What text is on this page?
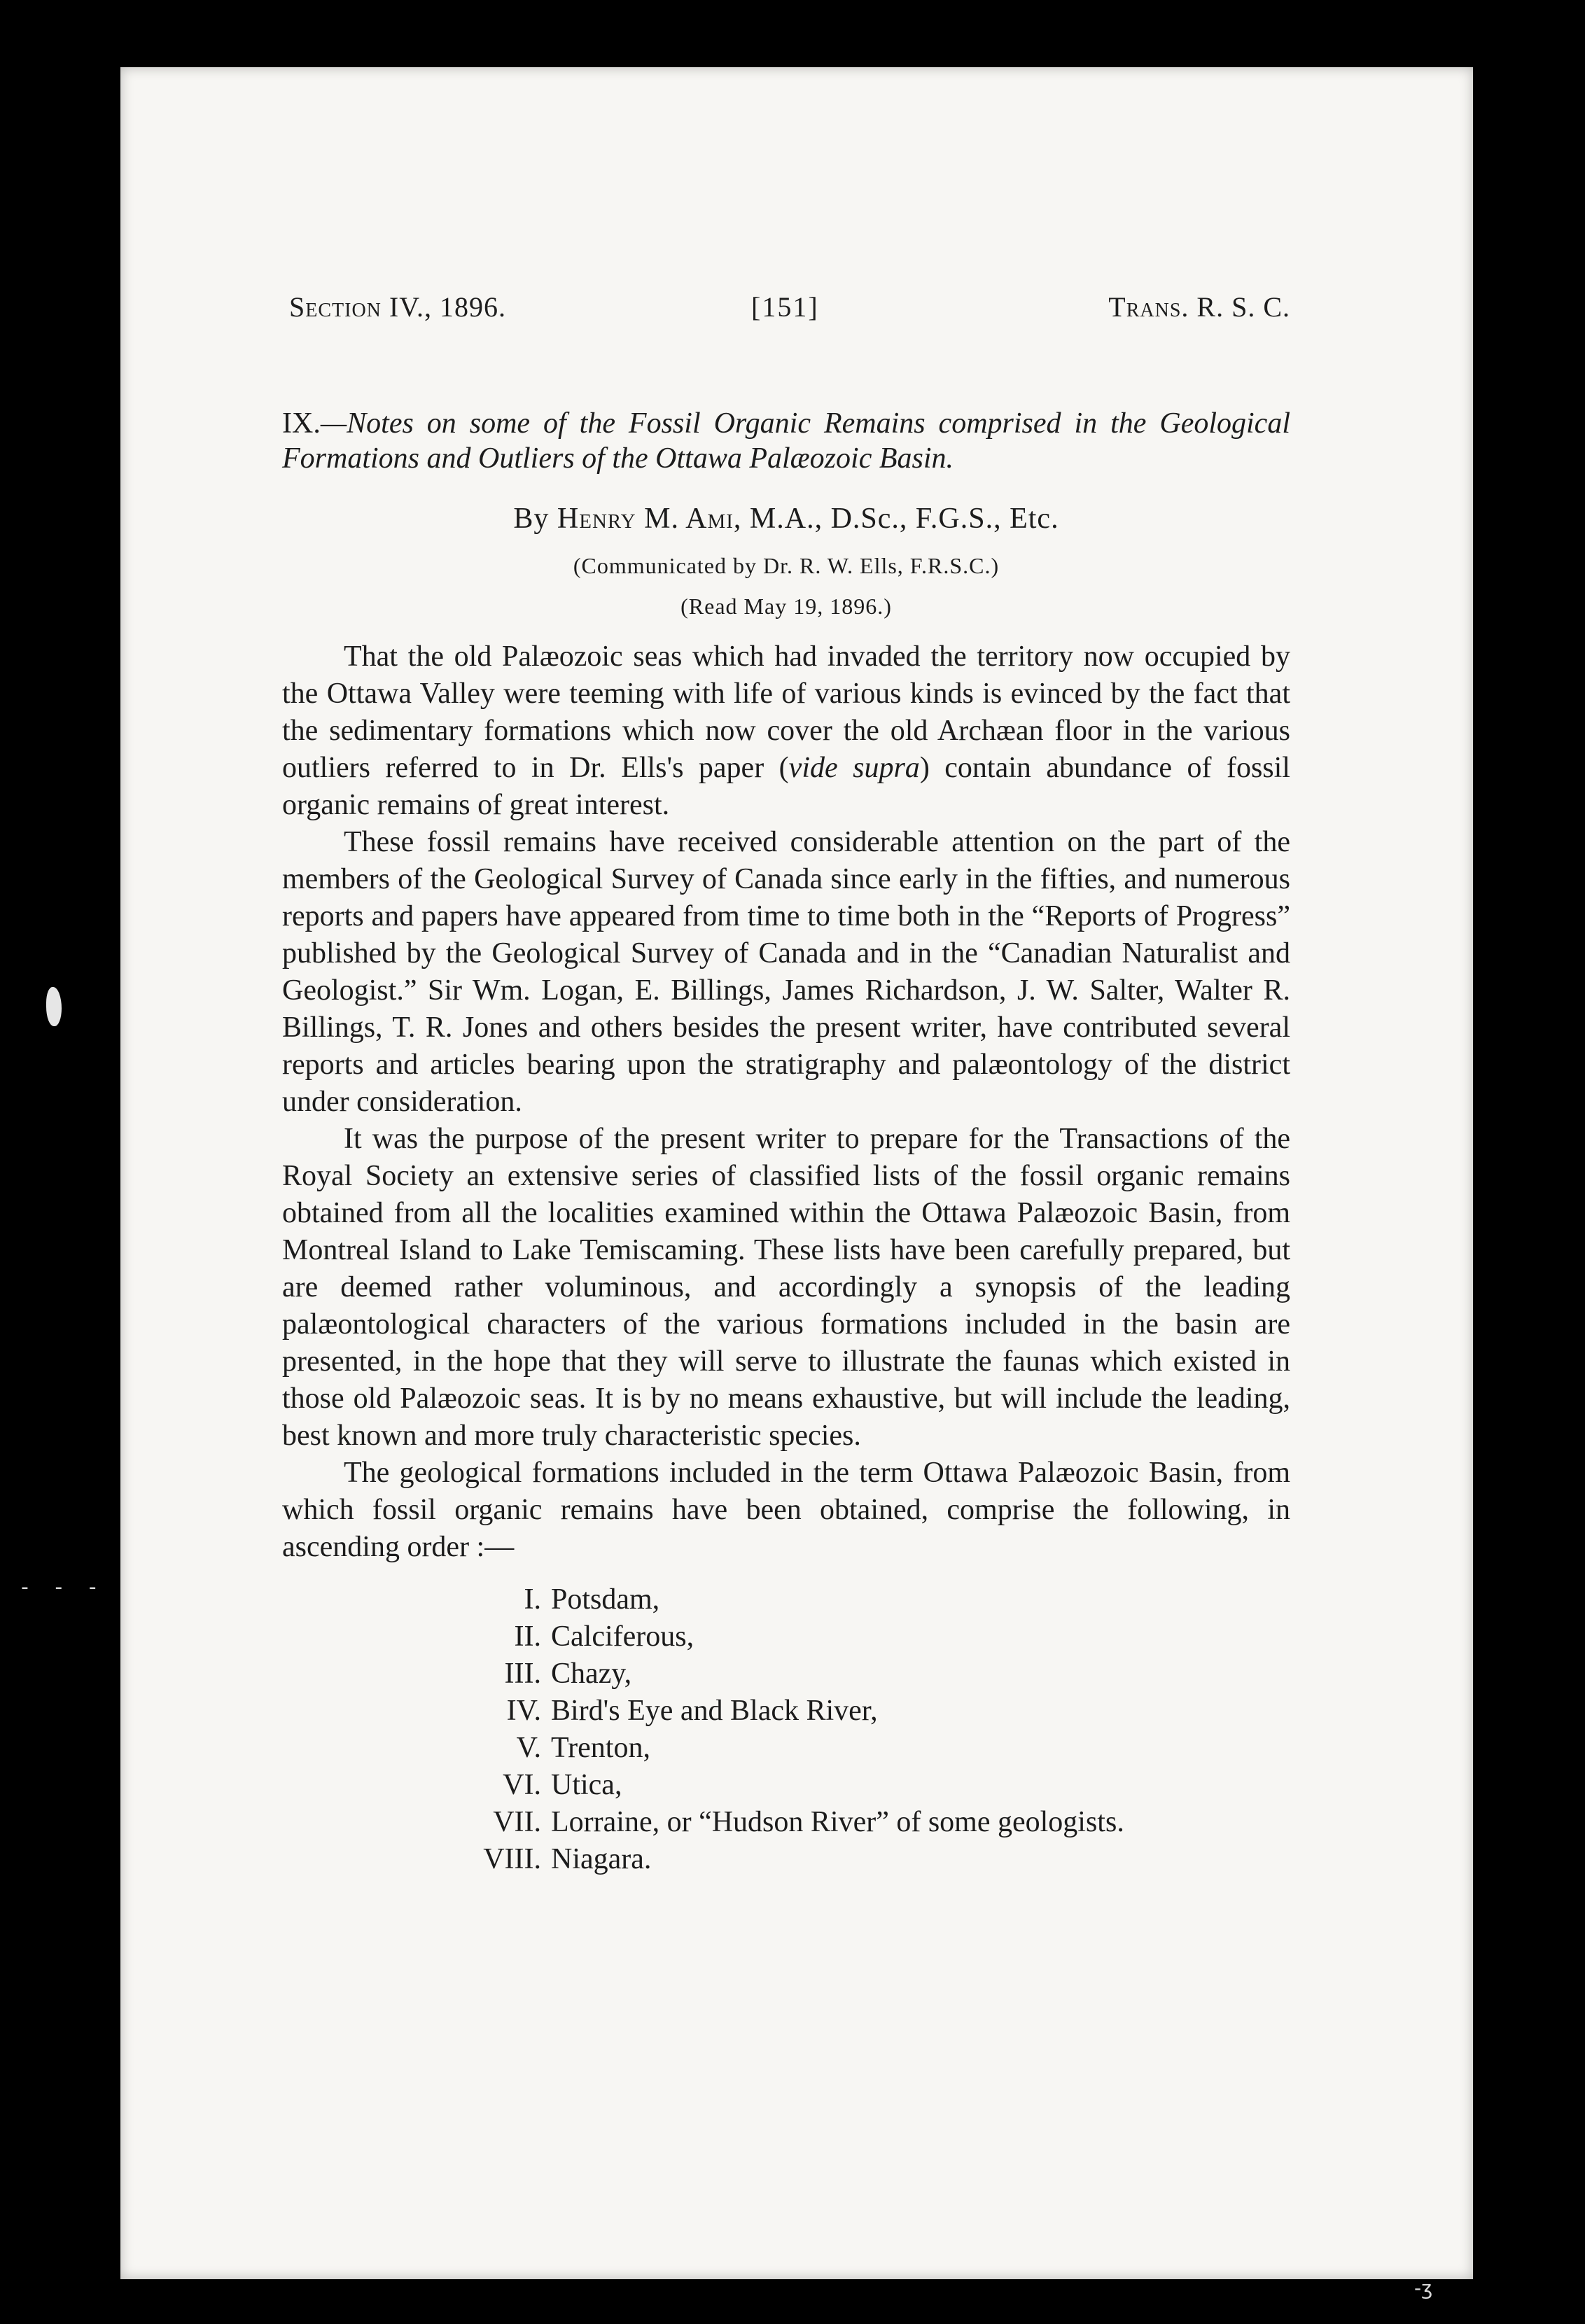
- - -
-ʒ
Section IV., 1896.	[151]	Trans. R. S. C.

IX.—Notes on some of the Fossil Organic Remains comprised in the Geological Formations and Outliers of the Ottawa Palæozoic Basin.

By Henry M. Ami, M.A., D.Sc., F.G.S., Etc.

(Communicated by Dr. R. W. Ells, F.R.S.C.)

(Read May 19, 1896.)

That the old Palæozoic seas which had invaded the territory now occupied by the Ottawa Valley were teeming with life of various kinds is evinced by the fact that the sedimentary formations which now cover the old Archæan floor in the various outliers referred to in Dr. Ells's paper (vide supra) contain abundance of fossil organic remains of great interest.

These fossil remains have received considerable attention on the part of the members of the Geological Survey of Canada since early in the fifties, and numerous reports and papers have appeared from time to time both in the “Reports of Progress” published by the Geological Survey of Canada and in the “Canadian Naturalist and Geologist.” Sir Wm. Logan, E. Billings, James Richardson, J. W. Salter, Walter R. Billings, T. R. Jones and others besides the present writer, have contributed several reports and articles bearing upon the stratigraphy and palæontology of the district under consideration.

It was the purpose of the present writer to prepare for the Transactions of the Royal Society an extensive series of classified lists of the fossil organic remains obtained from all the localities examined within the Ottawa Palæozoic Basin, from Montreal Island to Lake Temiscaming. These lists have been carefully prepared, but are deemed rather voluminous, and accordingly a synopsis of the leading palæontological characters of the various formations included in the basin are presented, in the hope that they will serve to illustrate the faunas which existed in those old Palæozoic seas. It is by no means exhaustive, but will include the leading, best known and more truly characteristic species.

The geological formations included in the term Ottawa Palæozoic Basin, from which fossil organic remains have been obtained, comprise the following, in ascending order :—

I. Potsdam,
II. Calciferous,
III. Chazy,
IV. Bird's Eye and Black River,
V. Trenton,
VI. Utica,
VII. Lorraine, or “Hudson River” of some geologists.
VIII. Niagara.
